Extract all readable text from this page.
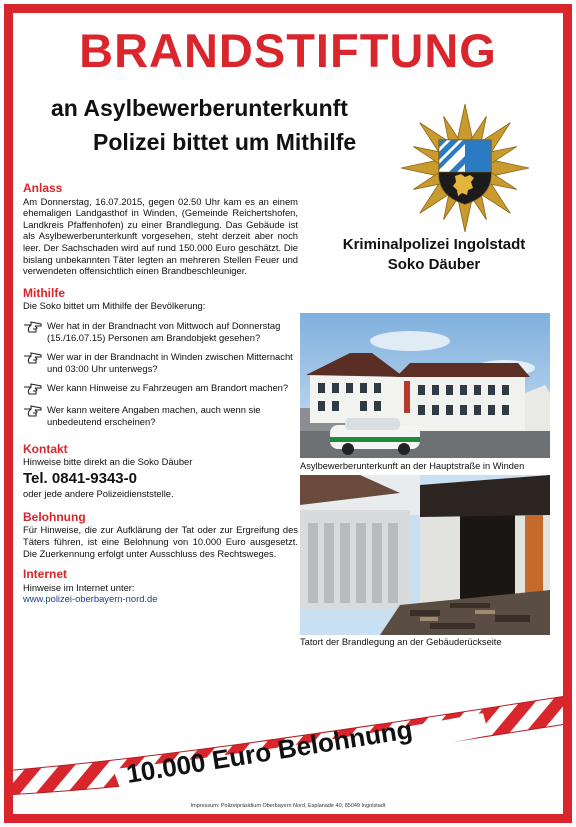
BRANDSTIFTUNG
an Asylbewerberunterkunft
Polizei bittet um Mithilfe
Kriminalpolizei Ingolstadt
Soko Däuber
Anlass

Am Donnerstag, 16.07.2015, gegen 02.50 Uhr kam es an einem ehemaligen Landgasthof in Winden, (Gemeinde Reichertshofen, Landkreis Pfaffenhofen) zu einer Brandlegung. Das Gebäude ist als Asylbewerberunterkunft vorgesehen, steht derzeit aber noch leer. Der Sachschaden wird auf rund 150.000 Euro geschätzt. Die bislang unbekannten Täter legten an mehreren Stellen Feuer und verwendeten offensichtlich einen Brandbeschleuniger.

Mithilfe

Die Soko bittet um Mithilfe der Bevölkerung:

Wer hat in der Brandnacht von Mittwoch auf Donnerstag (15./16.07.15) Personen am Brandobjekt gesehen?
Wer war in der Brandnacht in Winden zwischen Mitternacht und 03:00 Uhr unterwegs?
Wer kann Hinweise zu Fahrzeugen am Brandort machen?
Wer kann weitere Angaben machen, auch wenn sie unbedeutend erscheinen?
Kontakt

Hinweise bitte direkt an die Soko Däuber

Tel. 0841-9343-0

oder jede andere Polizeidienststelle.

Belohnung

Für Hinweise, die zur Aufklärung der Tat oder zur Ergreifung des Täters führen, ist eine Belohnung von 10.000 Euro ausgesetzt. Die Zuerkennung erfolgt unter Ausschluss des Rechtsweges.

Internet

Hinweise im Internet unter:

www.polizei-oberbayern-nord.de

Asylbewerberunterkunft an der Hauptstraße in Winden
Tatort der Brandlegung an der Gebäuderückseite
10.000 Euro Belohnung
Impressum: Polizeipräsidium Oberbayern Nord, Esplanade 40, 85049 Ingolstadt
